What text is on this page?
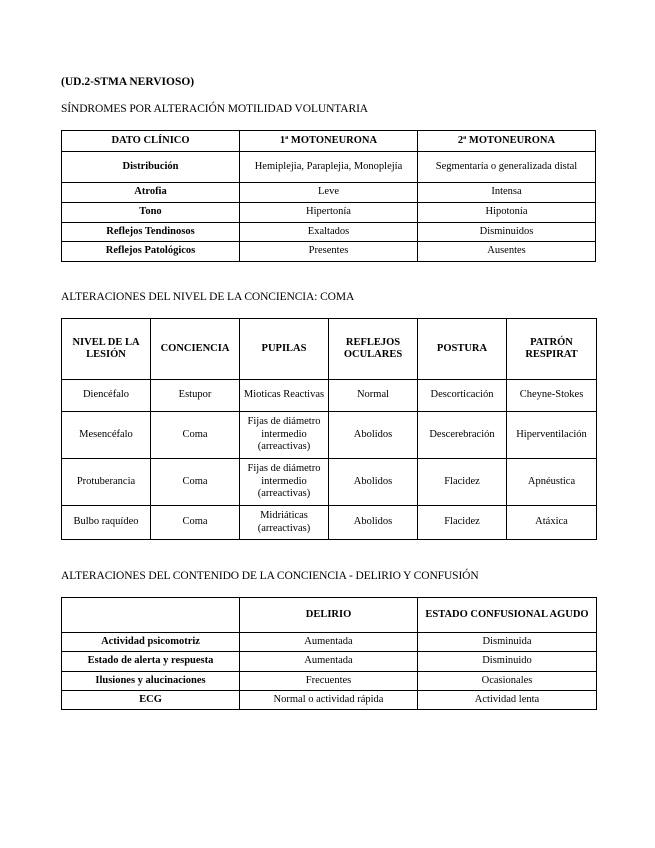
(UD.2-STMA NERVIOSO)
SÍNDROMES POR ALTERACIÓN MOTILIDAD VOLUNTARIA
DATO CLÍNICO	1ª MOTONEURONA	2ª MOTONEURONA
Distribución	Hemiplejia, Paraplejia, Monoplejía	Segmentaría o generalizada distal
Atrofia	Leve	Intensa
Tono	Hipertonía	Hipotonía
Reflejos Tendinosos	Exaltados	Disminuidos
Reflejos Patológicos	Presentes	Ausentes
ALTERACIONES DEL NIVEL DE LA CONCIENCIA: COMA
NIVEL DE LA LESIÓN	CONCIENCIA	PUPILAS	REFLEJOS OCULARES	POSTURA	PATRÓN RESPIRAT
Diencéfalo	Estupor	Mioticas Reactivas	Normal	Descorticación	Cheyne-Stokes
Mesencéfalo	Coma	Fijas de diámetro intermedio (arreactivas)	Abolidos	Descerebración	Hiperventilación
Protuberancia	Coma	Fijas de diámetro intermedio (arreactivas)	Abolidos	Flacidez	Apnéustica
Bulbo raquídeo	Coma	Midriáticas (arreactivas)	Abolidos	Flacidez	Atáxica
ALTERACIONES DEL CONTENIDO DE LA CONCIENCIA - DELIRIO Y CONFUSIÓN
	DELIRIO	ESTADO CONFUSIONAL AGUDO
Actividad psicomotriz	Aumentada	Disminuida
Estado de alerta y respuesta	Aumentada	Disminuido
Ilusiones y alucinaciones	Frecuentes	Ocasionales
ECG	Normal o actividad rápida	Actividad lenta
